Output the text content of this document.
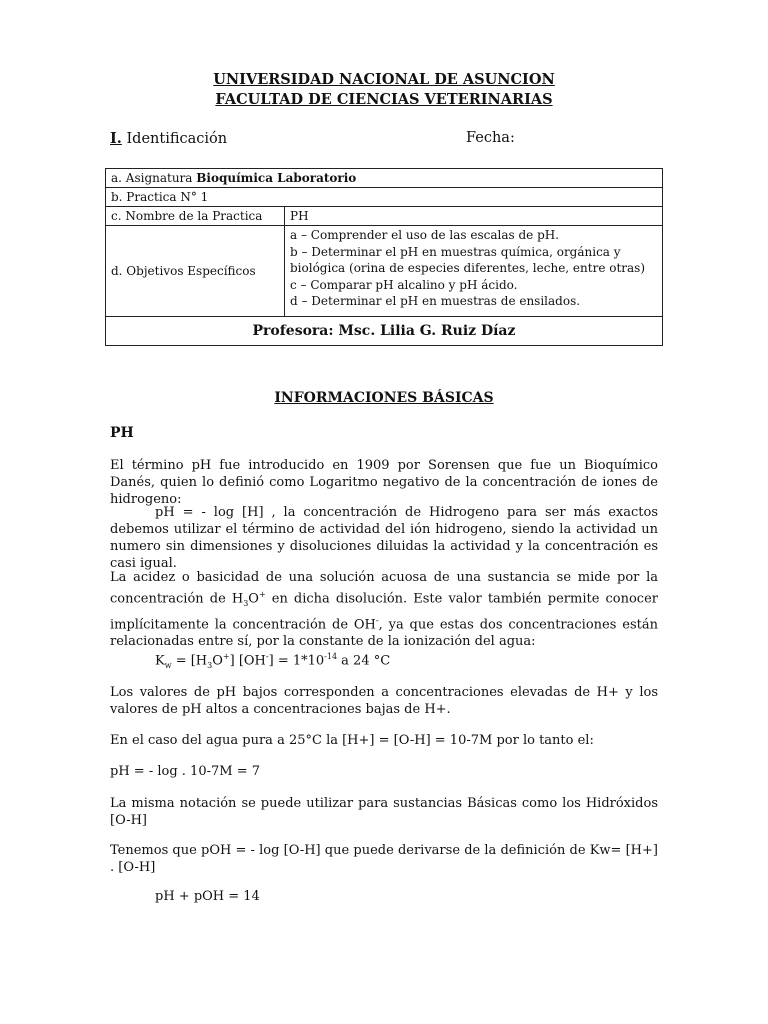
UNIVERSIDAD NACIONAL DE ASUNCION
FACULTAD DE CIENCIAS VETERINARIAS
I. Identificación	Fecha:
a. Asignatura Bioquímica Laboratorio	
b. Practica N° 1	
c. Nombre de la Practica	PH
d. Objetivos Específicos	a – Comprender el uso de las escalas de pH.
b – Determinar el pH en muestras química, orgánica y
biológica (orina de especies diferentes, leche, entre otras)
c – Comparar pH alcalino y pH ácido.
d – Determinar el pH en muestras de ensilados.

Profesora: Msc. Lilia G. Ruiz Díaz	
INFORMACIONES BÁSICAS
PH
El término pH fue introducido en 1909 por Sorensen que fue un Bioquímico Danés, quien lo definió como Logaritmo negativo de la concentración de iones de hidrogeno:
pH = - log [H] , la concentración de Hidrogeno para ser más exactos debemos utilizar el término de actividad del ión hidrogeno, siendo la actividad un numero sin dimensiones y disoluciones diluidas la actividad y la concentración es casi igual.
La acidez o basicidad de una solución acuosa de una sustancia se mide por la concentración de $H_3O^+$ en dicha disolución. Este valor también permite conocer implícitamente la concentración de OH-, ya que estas dos concentraciones están relacionadas entre sí, por la constante de la ionización del agua:
$K_w = [H_3O^+] [OH^-] = 1*10^{-14}$ a 24 °C
Los valores de pH bajos corresponden a concentraciones elevadas de H+ y los valores de pH altos a concentraciones bajas de H+.
En el caso del agua pura a 25°C la [H+] = [O-H] = 10-7M por lo tanto el:
pH = - log . 10-7M = 7
La misma notación se puede utilizar para sustancias Básicas como los Hidróxidos [O-H]
Tenemos que pOH = - log [O-H] que puede derivarse de la definición de Kw= [H+] . [O-H]
pH + pOH = 14
